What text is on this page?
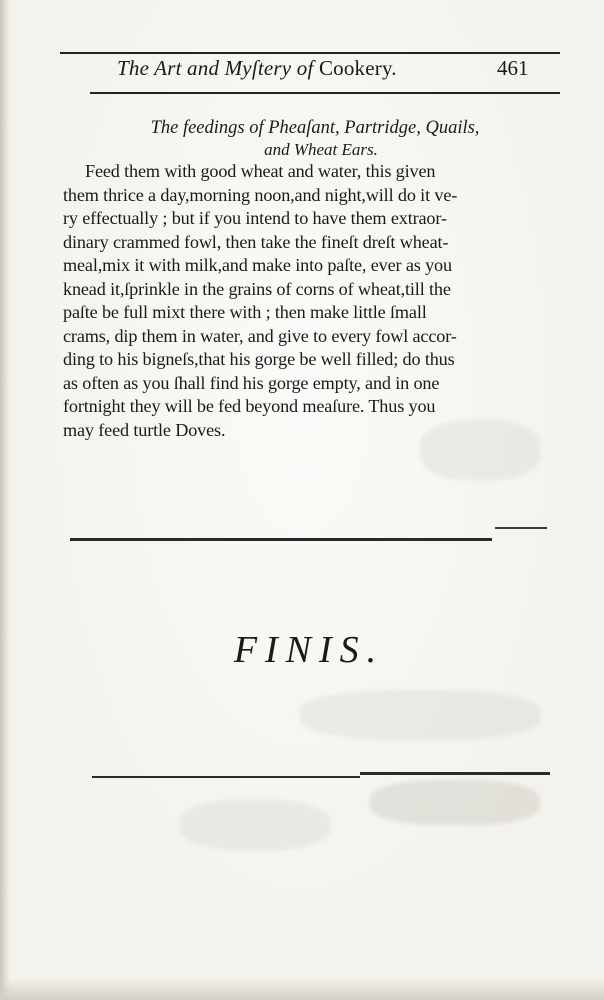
The Art and Myſtery of Cookery.	461
The feedings of Pheaſant, Partridge, Quails,
and Wheat Ears.
Feed them with good wheat and water, this given
them thrice a day,morning noon,and night,will do it ve-
ry effectually ; but if you intend to have them extraor-
dinary crammed fowl, then take the fineſt dreſt wheat-
meal,mix it with milk,and make into paſte, ever as you
knead it,ſprinkle in the grains of corns of wheat,till the
paſte be full mixt there with ; then make little ſmall
crams, dip them in water, and give to every fowl accor-
ding to his bigneſs,that his gorge be well filled; do thus
as often as you ſhall find his gorge empty, and in one
fortnight they will be fed beyond meaſure. Thus you
may feed turtle Doves.
FINIS.
